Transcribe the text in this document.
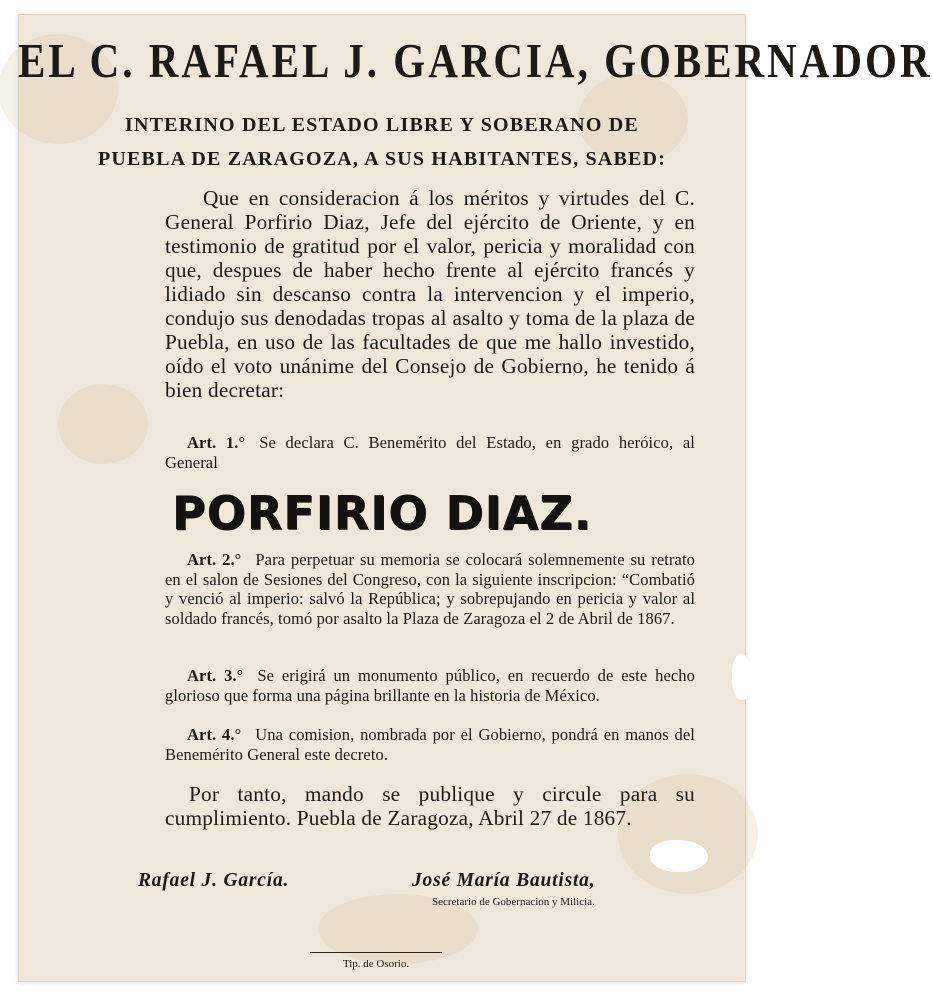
EL C. RAFAEL J. GARCIA, GOBERNADOR
INTERINO DEL ESTADO LIBRE Y SOBERANO DE
PUEBLA DE ZARAGOZA, A SUS HABITANTES, SABED:

Que en consideracion á los méritos y virtudes del C. General Porfirio Diaz, Jefe del ejército de Oriente, y en testimonio de gratitud por el valor, pericia y moralidad con que, despues de haber hecho frente al ejército francés y lidiado sin descanso contra la intervencion y el imperio, condujo sus denodadas tropas al asalto y toma de la plaza de Puebla, en uso de las facultades de que me hallo investido, oído el voto unánime del Consejo de Gobierno, he tenido á bien decretar:

Art. 1.° Se declara C. Benemérito del Estado, en grado heróico, al General

PORFIRIO DIAZ.

Art. 2.° Para perpetuar su memoria se colocará solemnemente su retrato en el salon de Sesiones del Congreso, con la siguiente inscripcion: “Combatió y venció al imperio: salvó la República; y sobrepujando en pericia y valor al soldado francés, tomó por asalto la Plaza de Zaragoza el 2 de Abril de 1867.

Art. 3.° Se erigirá un monumento público, en recuerdo de este hecho glorioso que forma una página brillante en la historia de México.

Art. 4.° Una comision, nombrada por el Gobierno, pondrá en manos del Benemérito General este decreto.

Por tanto, mando se publique y circule para su cumplimiento. Puebla de Zaragoza, Abril 27 de 1867.

Rafael J. García.	José María Bautista,
Secretario de Gobernacion y Milicia.
Tip. de Osorio.
